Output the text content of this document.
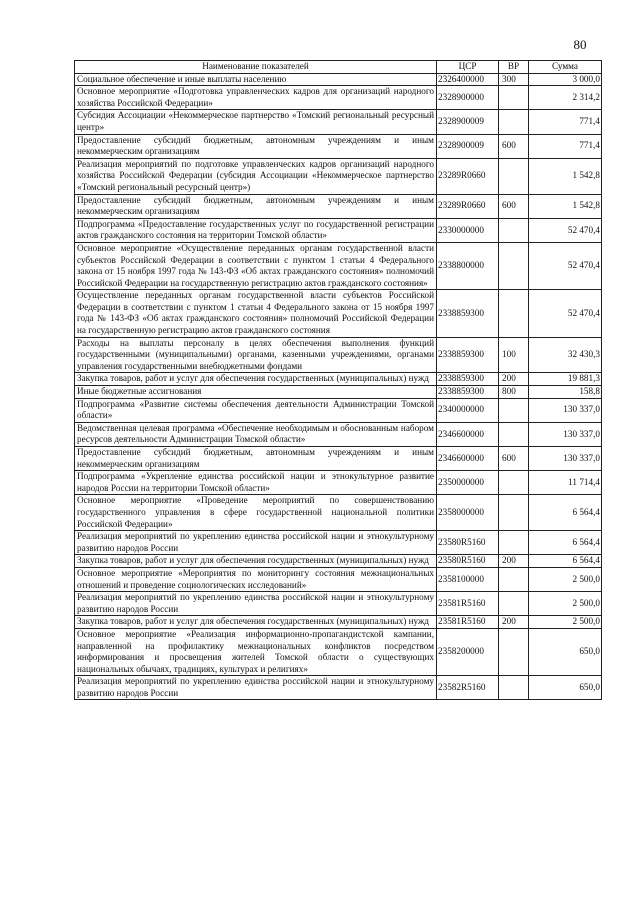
80
Наименование показателей	ЦСР	ВР	Сумма
Социальное обеспечение и иные выплаты населению	2326400000	300	3 000,0
Основное мероприятие «Подготовка управленческих кадров для организаций народного хозяйства Российской Федерации»	2328900000		2 314,2
Субсидия Ассоциации «Некоммерческое партнерство «Томский региональный ресурсный центр»	2328900009		771,4
Предоставление субсидий бюджетным, автономным учреждениям и иным некоммерческим организациям	2328900009	600	771,4
Реализация мероприятий по подготовке управленческих кадров организаций народного хозяйства Российской Федерации (субсидия Ассоциации «Некоммерческое партнерство «Томский региональный ресурсный центр»)	23289R0660		1 542,8
Предоставление субсидий бюджетным, автономным учреждениям и иным некоммерческим организациям	23289R0660	600	1 542,8
Подпрограмма «Предоставление государственных услуг по государственной регистрации актов гражданского состояния на территории Томской области»	2330000000		52 470,4
Основное мероприятие «Осуществление переданных органам государственной власти субъектов Российской Федерации в соответствии с пунктом 1 статьи 4 Федерального закона от 15 ноября 1997 года № 143-ФЗ «Об актах гражданского состояния» полномочий Российской Федерации на государственную регистрацию актов гражданского состояния»	2338800000		52 470,4
Осуществление переданных органам государственной власти субъектов Российской Федерации в соответствии с пунктом 1 статьи 4 Федерального закона от 15 ноября 1997 года № 143-ФЗ «Об актах гражданского состояния» полномочий Российской Федерации на государственную регистрацию актов гражданского состояния	2338859300		52 470,4
Расходы на выплаты персоналу в целях обеспечения выполнения функций государственными (муниципальными) органами, казенными учреждениями, органами управления государственными внебюджетными фондами	2338859300	100	32 430,3
Закупка товаров, работ и услуг для обеспечения государственных (муниципальных) нужд	2338859300	200	19 881,3
Иные бюджетные ассигнования	2338859300	800	158,8
Подпрограмма «Развитие системы обеспечения деятельности Администрации Томской области»	2340000000		130 337,0
Ведомственная целевая программа «Обеспечение необходимым и обоснованным набором ресурсов деятельности Администрации Томской области»	2346600000		130 337,0
Предоставление субсидий бюджетным, автономным учреждениям и иным некоммерческим организациям	2346600000	600	130 337,0
Подпрограмма «Укрепление единства российской нации и этнокультурное развитие народов России на территории Томской области»	2350000000		11 714,4
Основное мероприятие «Проведение мероприятий по совершенствованию государственного управления в сфере государственной национальной политики Российской Федерации»	2358000000		6 564,4
Реализация мероприятий по укреплению единства российской нации и этнокультурному развитию народов России	23580R5160		6 564,4
Закупка товаров, работ и услуг для обеспечения государственных (муниципальных) нужд	23580R5160	200	6 564,4
Основное мероприятие «Мероприятия по мониторингу состояния межнациональных отношений и проведение социологических исследований»	2358100000		2 500,0
Реализация мероприятий по укреплению единства российской нации и этнокультурному развитию народов России	23581R5160		2 500,0
Закупка товаров, работ и услуг для обеспечения государственных (муниципальных) нужд	23581R5160	200	2 500,0
Основное мероприятие «Реализация информационно-пропагандистской кампании, направленной на профилактику межнациональных конфликтов посредством информирования и просвещения жителей Томской области о существующих национальных обычаях, традициях, культурах и религиях»	2358200000		650,0
Реализация мероприятий по укреплению единства российской нации и этнокультурному развитию народов России	23582R5160		650,0
